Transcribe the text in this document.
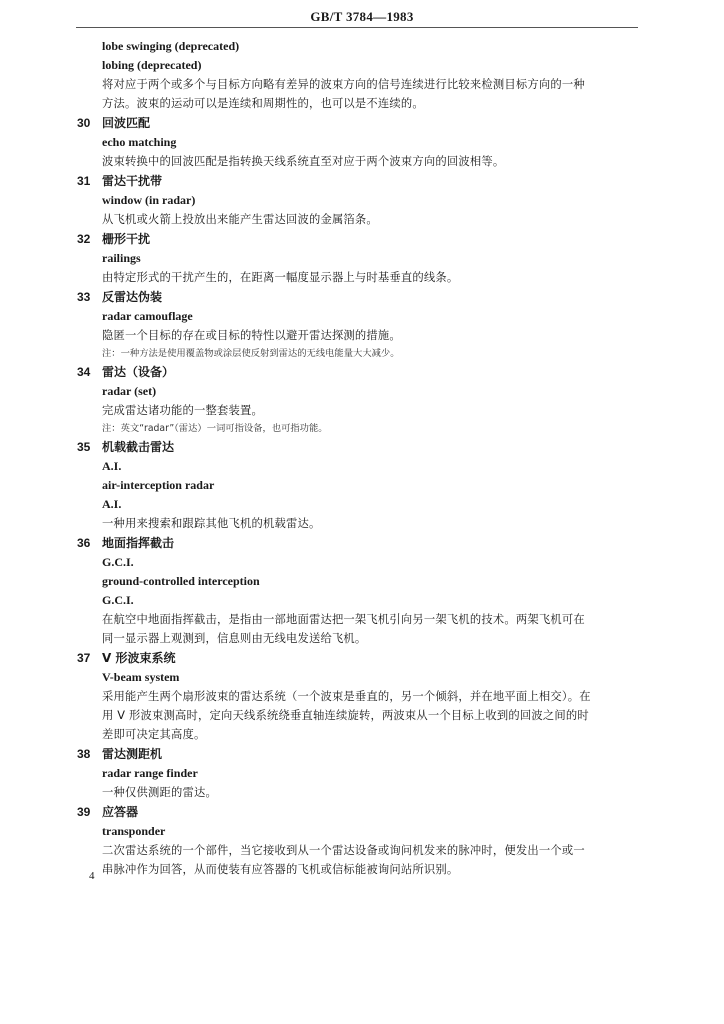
GB/T 3784—1983
lobe swinging (deprecated)
lobing (deprecated)
将对应于两个或多个与目标方向略有差异的波束方向的信号连续进行比较来检测目标方向的一种
方法。波束的运动可以是连续和周期性的，也可以是不连续的。
30 回波匹配
echo matching
波束转换中的回波匹配是指转换天线系统直至对应于两个波束方向的回波相等。
31 雷达干扰带
window (in radar)
从飞机或火箭上投放出来能产生雷达回波的金属箔条。
32 栅形干扰
railings
由特定形式的干扰产生的，在距离一幅度显示器上与时基垂直的线条。
33 反雷达伪装
radar camouflage
隐匿一个目标的存在或目标的特性以避开雷达探测的措施。
注：一种方法是使用覆盖物或涂层使反射到雷达的无线电能量大大减少。
34 雷达（设备）
radar (set)
完成雷达诸功能的一整套装置。
注：英文“radar”（雷达）一词可指设备，也可指功能。
35 机载截击雷达
A.I.
air-interception radar
A.I.
一种用来搜索和跟踪其他飞机的机载雷达。
36 地面指挥截击
G.C.I.
ground-controlled interception
G.C.I.
在航空中地面指挥截击，是指由一部地面雷达把一架飞机引向另一架飞机的技术。两架飞机可在
同一显示器上观测到，信息则由无线电发送给飞机。
37 V 形波束系统
V-beam system
采用能产生两个扇形波束的雷达系统（一个波束是垂直的，另一个倾斜，并在地平面上相交）。在
用 V 形波束测高时，定向天线系统绕垂直轴连续旋转，两波束从一个目标上收到的回波之间的时
差即可决定其高度。
38 雷达测距机
radar range finder
一种仅供测距的雷达。
39 应答器
transponder
二次雷达系统的一个部件，当它接收到从一个雷达设备或询问机发来的脉冲时，便发出一个或一
串脉冲作为回答，从而使装有应答器的飞机或信标能被询问站所识别。
4
